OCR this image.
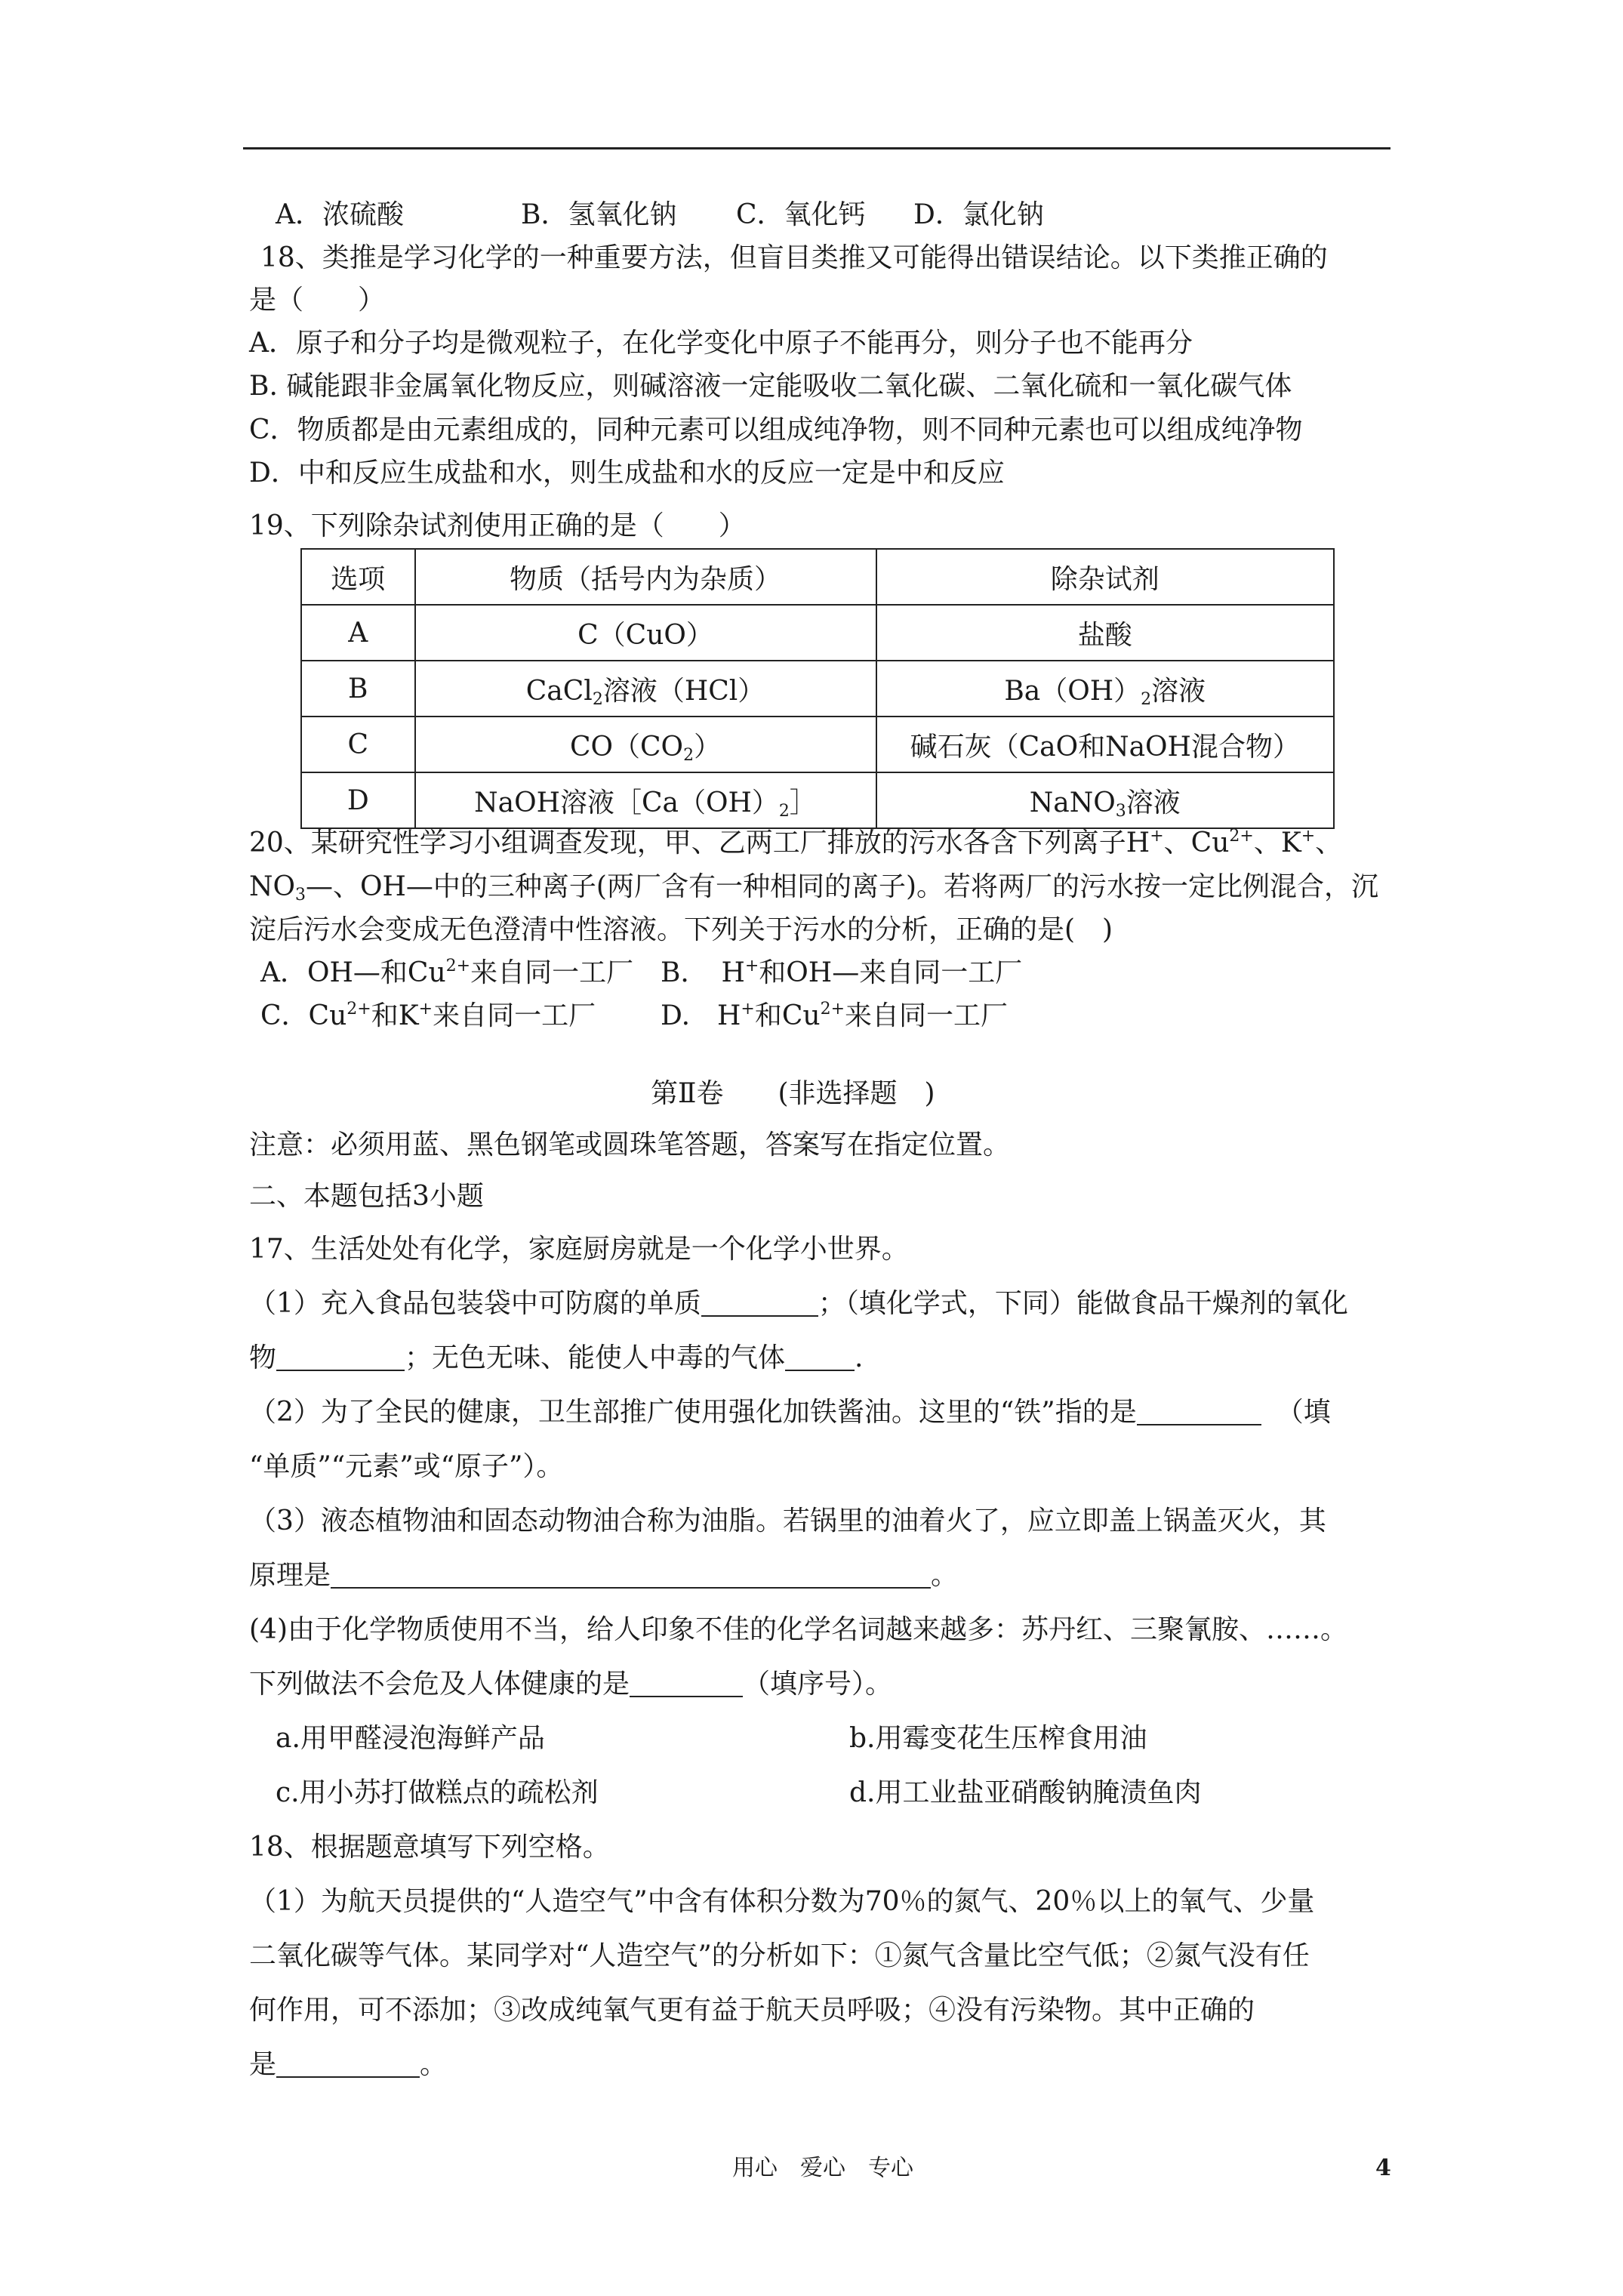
A．浓硫酸	B．氢氧化钠 C．氧化钙 D．氯化钠
18、类推是学习化学的一种重要方法，但盲目类推又可能得出错误结论。以下类推正确的
是（　　）
A．原子和分子均是微观粒子，在化学变化中原子不能再分，则分子也不能再分
B. 碱能跟非金属氧化物反应，则碱溶液一定能吸收二氧化碳、二氧化硫和一氧化碳气体
C．物质都是由元素组成的，同种元素可以组成纯净物，则不同种元素也可以组成纯净物
D．中和反应生成盐和水，则生成盐和水的反应一定是中和反应
19、下列除杂试剂使用正确的是（　　）
选项	物质（括号内为杂质）	除杂试剂
A	C（CuO）	盐酸
B	CaCl$_2$溶液（HCl）	$Ba(OH)_2$溶液
C	$CO(CO_2)$	碱石灰（CaO和NaOH混合物）
D	NaOH溶液$[Ca(OH)_2]$	NaNO$_3$溶液
20、某研究性学习小组调查发现，甲、乙两工厂排放的污水各含下列离子H+、$Cu^{2+}$、K+、
$NO_3—$、OH—中的三种离子(两厂含有一种相同的离子)。若将两厂的污水按一定比例混合，沉
淀后污水会变成无色澄清中性溶液。下列关于污水的分析，正确的是(　)
A．OH—和$Cu^{2+}$来自同一工厂 B．　H+和OH—来自同一工厂
C．$Cu^{2+}$和K+来自同一工厂 D.　H+和$Cu^{2+}$来自同一工厂
第Ⅱ卷　　(非选择题　)
注意：必须用蓝、黑色钢笔或圆珠笔答题，答案写在指定位置。
二、本题包括3小题
17、生活处处有化学，家庭厨房就是一个化学小世界。
（1）充入食品包装袋中可防腐的单质	；（填化学式，下同）能做食品干燥剂的氧化
物	；无色无味、能使人中毒的气体	.
（2）为了全民的健康，卫生部推广使用强化加铁酱油。这里的“铁”指的是	（填
“单质”“元素”或“原子”）。
（3）液态植物油和固态动物油合称为油脂。若锅里的油着火了，应立即盖上锅盖灭火，其
原理是	。
(4)由于化学物质使用不当，给人印象不佳的化学名词越来越多：苏丹红、三聚氰胺、……。
下列做法不会危及人体健康的是	（填序号）。
a.用甲醛浸泡海鲜产品	b.用霉变花生压榨食用油
c.用小苏打做糕点的疏松剂	d.用工业盐亚硝酸钠腌渍鱼肉
18、根据题意填写下列空格。
（1）为航天员提供的“人造空气”中含有体积分数为70％的氮气、20％以上的氧气、少量
二氧化碳等气体。某同学对“人造空气”的分析如下：①氮气含量比空气低；②氮气没有任
何作用，可不添加；③改成纯氧气更有益于航天员呼吸；④没有污染物。其中正确的
是	。
用心　爱心　专心	4
